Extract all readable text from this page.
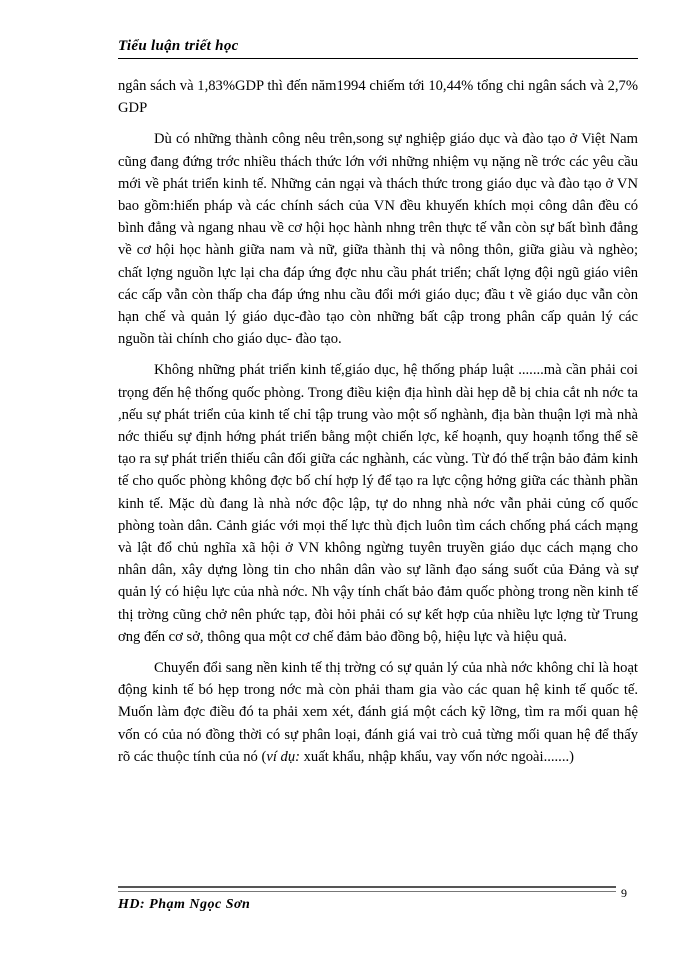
Tiểu luận triết học

ngân sách và 1,83%GDP thì đến năm1994 chiếm tới 10,44% tổng chi ngân sách và 2,7% GDP

Dù có những thành công nêu trên,song sự nghiệp giáo dục và đào tạo ở Việt Nam cũng đang đứng trớc nhiều thách thức lớn với những nhiệm vụ nặng nề trớc các yêu cầu mới về phát triển kinh tế. Những cản ngại và thách thức trong giáo dục và đào tạo ở VN bao gồm:hiến pháp và các chính sách của VN đều khuyến khích mọi công dân đều có bình đẳng và ngang nhau về cơ hội học hành nhng trên thực tế vẫn còn sự bất bình đẳng về cơ hội học hành giữa nam và nữ, giữa thành thị và nông thôn, giữa giàu và nghèo; chất lợng nguồn lực lại cha đáp ứng đợc nhu cầu phát triển; chất lợng đội ngũ giáo viên các cấp vẫn còn thấp cha đáp ứng nhu cầu đổi mới giáo dục; đầu t về giáo dục vẫn còn hạn chế và quản lý giáo dục-đào tạo còn những bất cập trong phân cấp quản lý các nguồn tài chính cho giáo dục- đào tạo.

Không những phát triển kinh tế,giáo dục, hệ thống pháp luật .......mà cần phải coi trọng đến hệ thống quốc phòng. Trong điều kiện địa hình dài hẹp dễ bị chia cắt nh nớc ta ,nếu sự phát triển của kinh tế chỉ tập trung vào một số nghành, địa bàn thuận lợi mà nhà nớc thiếu sự định hớng phát triển bằng một chiến lợc, kế hoạnh, quy hoạnh tổng thể sẽ tạo ra sự phát triển thiếu cân đối giữa các nghành, các vùng. Từ đó thế trận bảo đảm kinh tế cho quốc phòng không đợc bố chí hợp lý để tạo ra lực cộng hởng giữa các thành phần kinh tế. Mặc dù đang là nhà nớc độc lập, tự do nhng nhà nớc vẫn phải củng cố quốc phòng toàn dân. Cảnh giác với mọi thế lực thù địch luôn tìm cách chống phá cách mạng và lật đổ chủ nghĩa xã hội ở VN không ngừng tuyên truyền giáo dục cách mạng cho nhân dân, xây dựng lòng tin cho nhân dân vào sự lãnh đạo sáng suốt của Đảng và sự quản lý có hiệu lực của nhà nớc. Nh vậy tính chất bảo đảm quốc phòng trong nền kinh tế thị trờng cũng chở nên phức tạp, đòi hỏi phải có sự kết hợp của nhiều lực lợng từ Trung ơng đến cơ sở, thông qua một cơ chế đảm bảo đồng bộ, hiệu lực và hiệu quả.

Chuyển đổi sang nền kinh tế thị trờng có sự quản lý của nhà nớc không chỉ là hoạt động kinh tế bó hẹp trong nớc mà còn phải tham gia vào các quan hệ kinh tế quốc tế. Muốn làm đợc điều đó ta phải xem xét, đánh giá một cách kỹ lỡng, tìm ra mối quan hệ vốn có của nó đồng thời có sự phân loại, đánh giá vai trò cuả từng mối quan hệ để thấy rõ các thuộc tính của nó (ví dụ: xuất khẩu, nhập khẩu, vay vốn nớc ngoài.......)

9
HD: Phạm Ngọc Sơn
